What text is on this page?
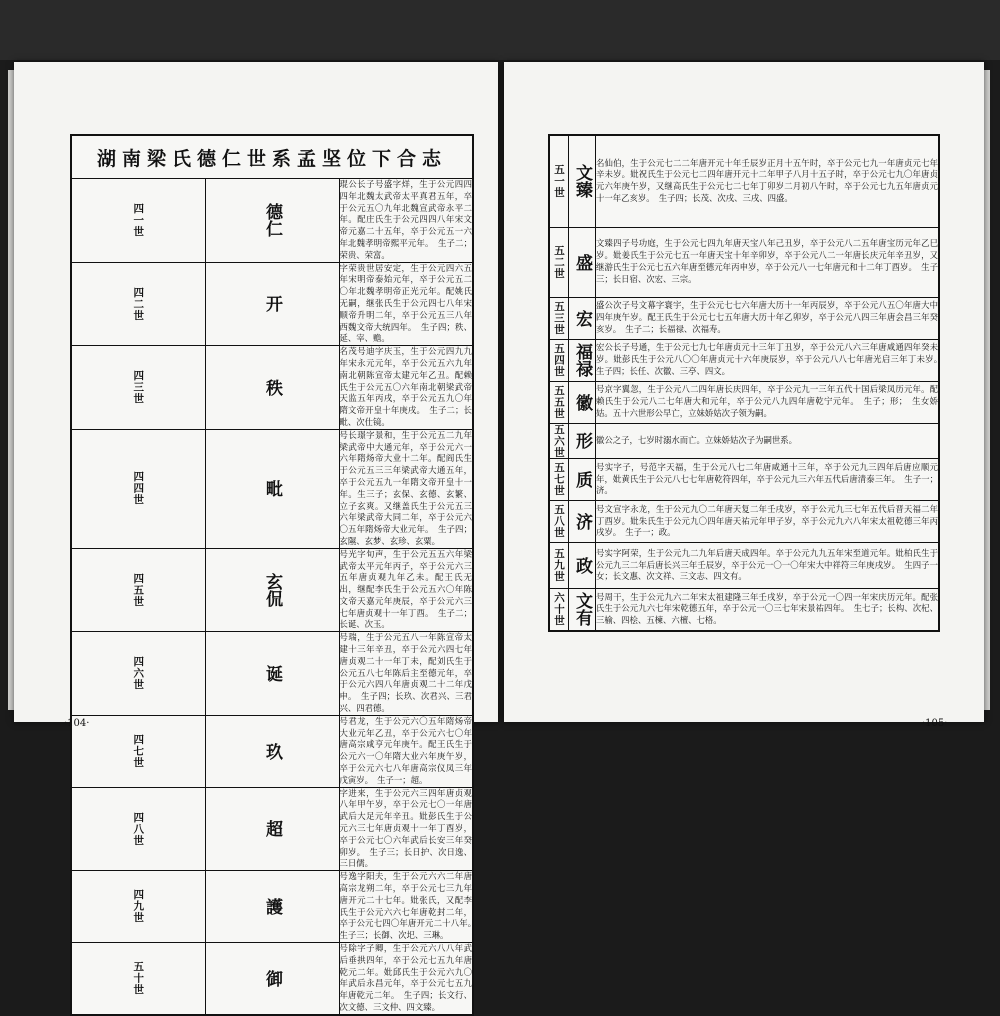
湖南梁氏德仁世系孟坚位下合志		
四一世	德仁	琨公长子号盛字烊，生于公元四四四年北魏太武帝太平真君五年，卒于公元五〇九年北魏宣武帝永平二年。配庄氏生于公元四四八年宋文帝元嘉二十五年，卒于公元五一六年北魏孝明帝熙平元年。　生子二；荣贵、荣富。
四二世	开	字荣贵世居安定，生于公元四六五年宋明帝泰始元年，卒于公元五二〇年北魏孝明帝正光元年。配姚氏无嗣，继张氏生于公元四七八年宋顺帝升明二年，卒于公元五三八年西魏文帝大统四年。　生子四；秩、延、宰、赡。
四三世	秩	名茂号迪字庆玉，生于公元四九九年宋永元元年，卒于公元五六九年南北朝陈宣帝太建元年乙丑。配赖氏生于公元五〇六年南北朝梁武帝天监五年丙戌，卒于公元五九〇年隋文帝开皇十年庚戌。　生子二；长毗、次仕镜。
四四世	毗	号长璟字景和，生于公元五二九年梁武帝中大通元年，卒于公元六一六年隋炀帝大业十二年。配阎氏生于公元五三三年梁武帝大通五年，卒于公元五九一年隋文帝开皇十一年。生三子；玄保、玄德、玄繁、立子玄爽。又继盖氏生于公元五三六年梁武帝大同二年，卒于公元六〇五年隋炀帝大业元年。　生子四；玄隰、玄梦、玄珍、玄粟。
四五世	玄侃	号光字旬声，生于公元五五六年梁武帝太平元年丙子，卒于公元六三五年唐贞观九年乙未。配王氏无出，继配李氏生于公元五六〇年陈文帝天嘉元年庚辰，卒于公元六三七年唐贞观十一年丁酉。　生子二；长诞、次玉。
四六世	诞	号瑞，生于公元五八一年陈宣帝太建十三年辛丑，卒于公元六四七年唐贞观二十一年丁未，配刘氏生于公元五八七年陈后主至德元年，卒于公元六四八年唐贞观二十二年戊申。　生子四；长玖、次君兴、三君兴、四君德。
四七世	玖	号君龙，生于公元六〇五年隋炀帝大业元年乙丑，卒于公元六七〇年唐高宗咸亨元年庚午。配王氏生于公元六一〇年隋大业六年庚午岁，卒于公元六七八年唐高宗仪凤三年戊寅岁。　生子一；超。
四八世	超	字进来，生于公元六三四年唐贞观八年甲午岁，卒于公元七〇一年唐武后大足元年辛丑。妣彭氏生于公元六三七年唐贞观十一年丁酉岁，卒于公元七〇六年武后长安三年癸卯岁。　生子三；长日护、次日逸、三日儒。
四九世	護	号逸字阳夫，生于公元六六二年唐高宗龙朔二年，卒于公元七三九年唐开元二十七年。妣张氏，又配李氏生于公元六六七年唐乾封二年，卒于公元七四〇年唐开元二十八年。　生子三；长御、次圯、三琳。
五十世	御	号除字子卿，生于公元六八八年武后垂拱四年，卒于公元七五九年唐乾元二年。妣邱氏生于公元六九〇年武后永昌元年，卒于公元七五九年唐乾元二年。　生子四；长文行、次文德、三文仲、四文臻。
·104·
五一世	文臻	名仙伯，生于公元七二二年唐开元十年壬辰岁正月十五午时，卒于公元七九一年唐贞元七年辛未岁。妣祝氏生于公元七二四年唐开元十二年甲子八月十五子时，卒于公元七九〇年唐贞元六年庚午岁，又继高氏生于公元七二七年丁卯岁二月初八午时，卒于公元七九五年唐贞元十一年乙亥岁。　生子四；长茂、次戌、三戌、四盛。
五二世	盛	文臻四子号功庭，生于公元七四九年唐天宝八年己丑岁，卒于公元八二五年唐宝历元年乙巳岁。妣姜氏生于公元七五一年唐天宝十年辛卯岁，卒于公元八二一年唐长庆元年辛丑岁，又继游氏生于公元七五六年唐至德元年丙申岁，卒于公元八一七年唐元和十二年丁酉岁。　生子三；长日宿、次宏、三宗。
五三世	宏	盛公次子号文幕字寰宇，生于公元七七六年唐大历十一年丙辰岁，卒于公元八五〇年唐大中四年庚午岁。配王氏生于公元七七五年唐大历十年乙卯岁，卒于公元八四三年唐会昌三年癸亥岁。　生子二；长福禄、次福寿。
五四世	福禄	宏公长子号通，生于公元七九七年唐贞元十三年丁丑岁，卒于公元八六三年唐咸通四年癸未岁。妣彭氏生于公元八〇〇年唐贞元十六年庚辰岁，卒于公元八八七年唐光启三年丁未岁。　生子四；长任、次徽、三亭、四文。
五五世	徽	号京字翼忽，生于公元八二四年唐长庆四年，卒于公元九一三年五代十国后梁凤历元年。配赖氏生于公元八二七年唐大和元年，卒于公元八九四年唐乾宁元年。　生子；形；　生女娇姑。五十六世形公早亡，立妹娇姑次子领为嗣。
五六世	形	徽公之子，七岁时溺水而亡。立妹娇姑次子为嗣世系。
五七世	质	号实字子，号范字天福，生于公元八七二年唐咸通十三年，卒于公元九三四年后唐应顺元年，妣黄氏生于公元八七七年唐乾符四年，卒于公元九三六年五代后唐清泰三年。　生子一；济。
五八世	济	号文宣字永龙，生于公元九〇二年唐天复二年壬戌岁，卒于公元九三七年五代后晋天福二年丁酉岁。妣朱氏生于公元九〇四年唐天祐元年甲子岁，卒于公元九六八年宋太祖乾德三年丙戌岁。　生子一；政。
五九世	政	号实字阿荣，生于公元九二九年后唐天成四年。卒于公元九九五年宋至道元年。妣柏氏生于公元九三二年后唐长兴三年壬辰岁，卒于公元一〇一〇年宋大中祥符三年庚戌岁。　生四子一女；长文惠、次文祥、三文志、四文有。
六十世	文有	号周干，生于公元九六二年宋太祖建隆三年壬戌岁，卒于公元一〇四一年宋庆历元年。配张氏生于公元九六七年宋乾德五年，卒于公元一〇三七年宋景祐四年。　生七子；长构、次杞、三榆、四桧、五楝、六檀、七格。
·105·
